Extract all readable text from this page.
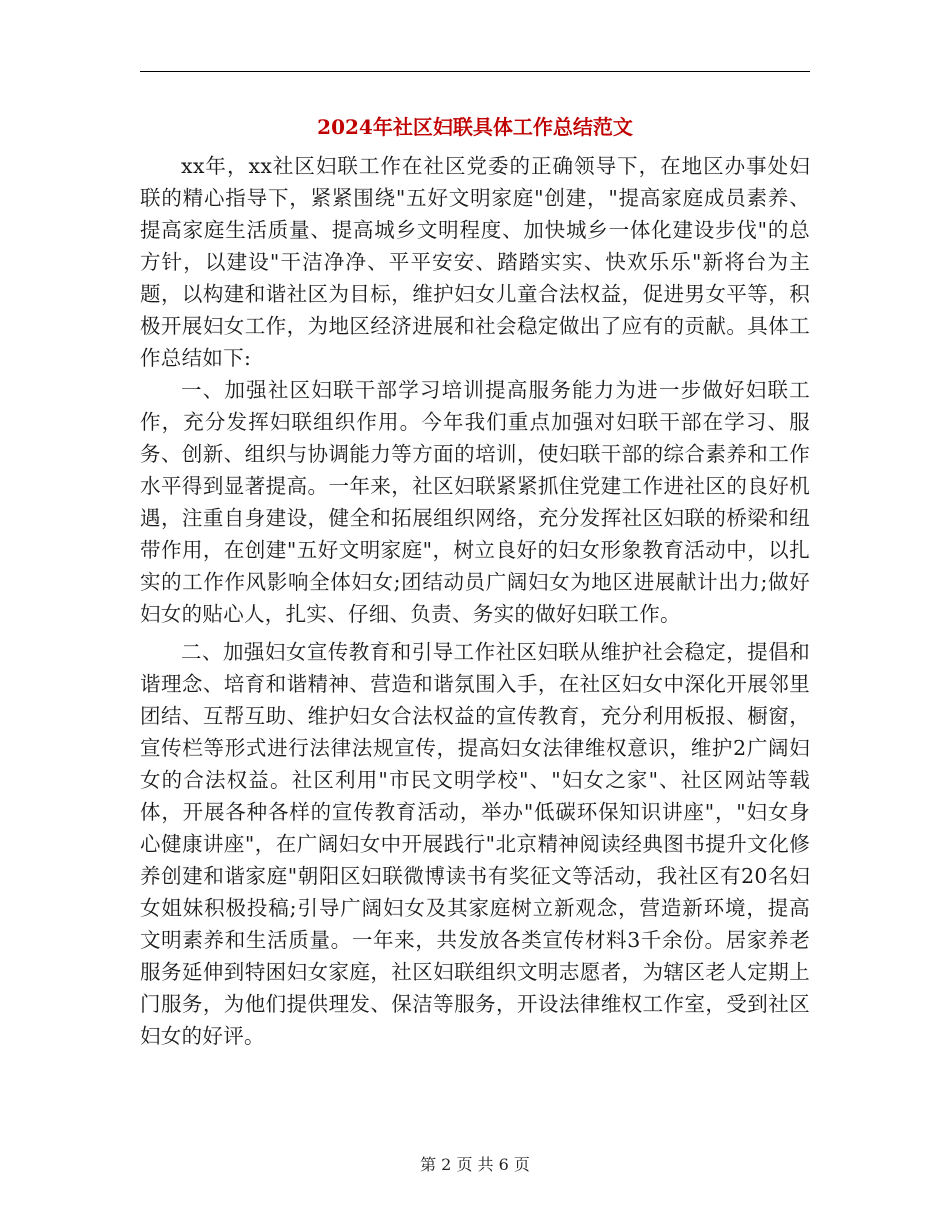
2024年社区妇联具体工作总结范文

xx年，xx社区妇联工作在社区党委的正确领导下，在地区办事处妇联的精心指导下，紧紧围绕"五好文明家庭"创建，"提高家庭成员素养、提高家庭生活质量、提高城乡文明程度、加快城乡一体化建设步伐"的总方针，以建设"干洁净净、平平安安、踏踏实实、快欢乐乐"新将台为主题，以构建和谐社区为目标，维护妇女儿童合法权益，促进男女平等，积极开展妇女工作，为地区经济进展和社会稳定做出了应有的贡献。具体工作总结如下:

一、加强社区妇联干部学习培训提高服务能力为进一步做好妇联工作，充分发挥妇联组织作用。今年我们重点加强对妇联干部在学习、服务、创新、组织与协调能力等方面的培训，使妇联干部的综合素养和工作水平得到显著提高。一年来，社区妇联紧紧抓住党建工作进社区的良好机遇，注重自身建设，健全和拓展组织网络，充分发挥社区妇联的桥梁和纽带作用，在创建"五好文明家庭"，树立良好的妇女形象教育活动中，以扎实的工作作风影响全体妇女;团结动员广阔妇女为地区进展献计出力;做好妇女的贴心人，扎实、仔细、负责、务实的做好妇联工作。

二、加强妇女宣传教育和引导工作社区妇联从维护社会稳定，提倡和谐理念、培育和谐精神、营造和谐氛围入手，在社区妇女中深化开展邻里团结、互帮互助、维护妇女合法权益的宣传教育，充分利用板报、橱窗，宣传栏等形式进行法律法规宣传，提高妇女法律维权意识，维护2广阔妇女的合法权益。社区利用"市民文明学校"、"妇女之家"、社区网站等载体，开展各种各样的宣传教育活动，举办"低碳环保知识讲座"，"妇女身心健康讲座"，在广阔妇女中开展践行"北京精神阅读经典图书提升文化修养创建和谐家庭"朝阳区妇联微博读书有奖征文等活动，我社区有20名妇女姐妹积极投稿;引导广阔妇女及其家庭树立新观念，营造新环境，提高文明素养和生活质量。一年来，共发放各类宣传材料3千余份。居家养老服务延伸到特困妇女家庭，社区妇联组织文明志愿者，为辖区老人定期上门服务，为他们提供理发、保洁等服务，开设法律维权工作室，受到社区妇女的好评。

第 2 页 共 6 页
